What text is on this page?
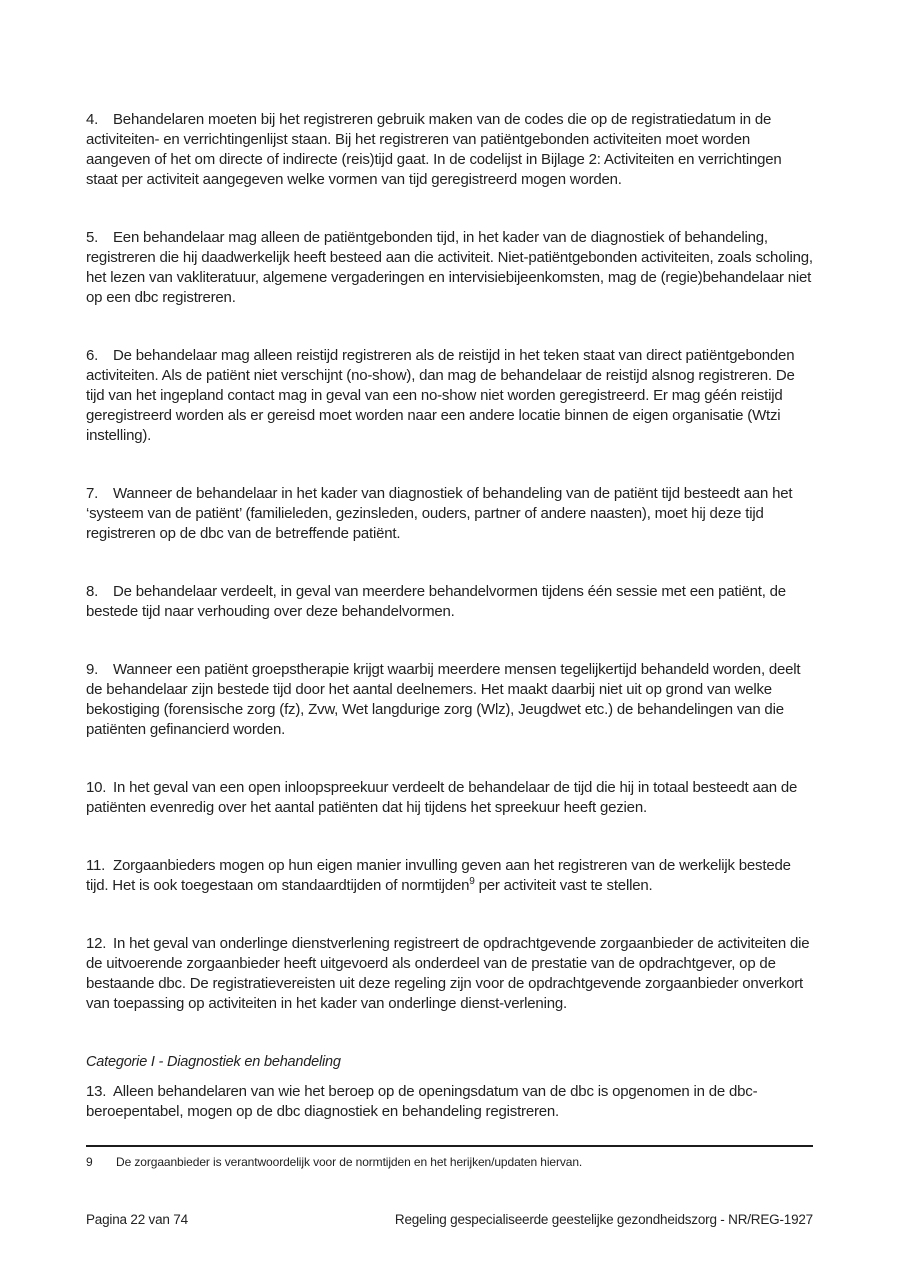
4. Behandelaren moeten bij het registreren gebruik maken van de codes die op de registratiedatum in de activiteiten- en verrichtingenlijst staan. Bij het registreren van patiëntgebonden activiteiten moet worden aangeven of het om directe of indirecte (reis)tijd gaat. In de codelijst in Bijlage 2: Activiteiten en verrichtingen staat per activiteit aangegeven welke vormen van tijd geregistreerd mogen worden.

5. Een behandelaar mag alleen de patiëntgebonden tijd, in het kader van de diagnostiek of behandeling, registreren die hij daadwerkelijk heeft besteed aan die activiteit. Niet-patiëntgebonden activiteiten, zoals scholing, het lezen van vakliteratuur, algemene vergaderingen en intervisiebijeenkomsten, mag de (regie)behandelaar niet op een dbc registreren.

6. De behandelaar mag alleen reistijd registreren als de reistijd in het teken staat van direct patiëntgebonden activiteiten. Als de patiënt niet verschijnt (no-show), dan mag de behandelaar de reistijd alsnog registreren. De tijd van het ingepland contact mag in geval van een no-show niet worden geregistreerd. Er mag géén reistijd geregistreerd worden als er gereisd moet worden naar een andere locatie binnen de eigen organisatie (Wtzi instelling).

7. Wanneer de behandelaar in het kader van diagnostiek of behandeling van de patiënt tijd besteedt aan het ‘systeem van de patiënt’ (familieleden, gezinsleden, ouders, partner of andere naasten), moet hij deze tijd registreren op de dbc van de betreffende patiënt.

8. De behandelaar verdeelt, in geval van meerdere behandelvormen tijdens één sessie met een patiënt, de bestede tijd naar verhouding over deze behandelvormen.

9. Wanneer een patiënt groepstherapie krijgt waarbij meerdere mensen tegelijkertijd behandeld worden, deelt de behandelaar zijn bestede tijd door het aantal deelnemers. Het maakt daarbij niet uit op grond van welke bekostiging (forensische zorg (fz), Zvw, Wet langdurige zorg (Wlz), Jeugdwet etc.) de behandelingen van die patiënten gefinancierd worden.

10. In het geval van een open inloopspreekuur verdeelt de behandelaar de tijd die hij in totaal besteedt aan de patiënten evenredig over het aantal patiënten dat hij tijdens het spreekuur heeft gezien.

11. Zorgaanbieders mogen op hun eigen manier invulling geven aan het registreren van de werkelijk bestede tijd. Het is ook toegestaan om standaardtijden of normtijden$^9$ per activiteit vast te stellen.

12. In het geval van onderlinge dienstverlening registreert de opdrachtgevende zorgaanbieder de activiteiten die de uitvoerende zorgaanbieder heeft uitgevoerd als onderdeel van de prestatie van de opdrachtgever, op de bestaande dbc. De registratievereisten uit deze regeling zijn voor de opdrachtgevende zorgaanbieder onverkort van toepassing op activiteiten in het kader van onderlinge dienst-verlening.

Categorie I - Diagnostiek en behandeling

13. Alleen behandelaren van wie het beroep op de openingsdatum van de dbc is opgenomen in de dbc-beroepentabel, mogen op de dbc diagnostiek en behandeling registreren.

9 De zorgaanbieder is verantwoordelijk voor de normtijden en het herijken/updaten hiervan.
Pagina 22 van 74	Regeling gespecialiseerde geestelijke gezondheidszorg - NR/REG-1927
